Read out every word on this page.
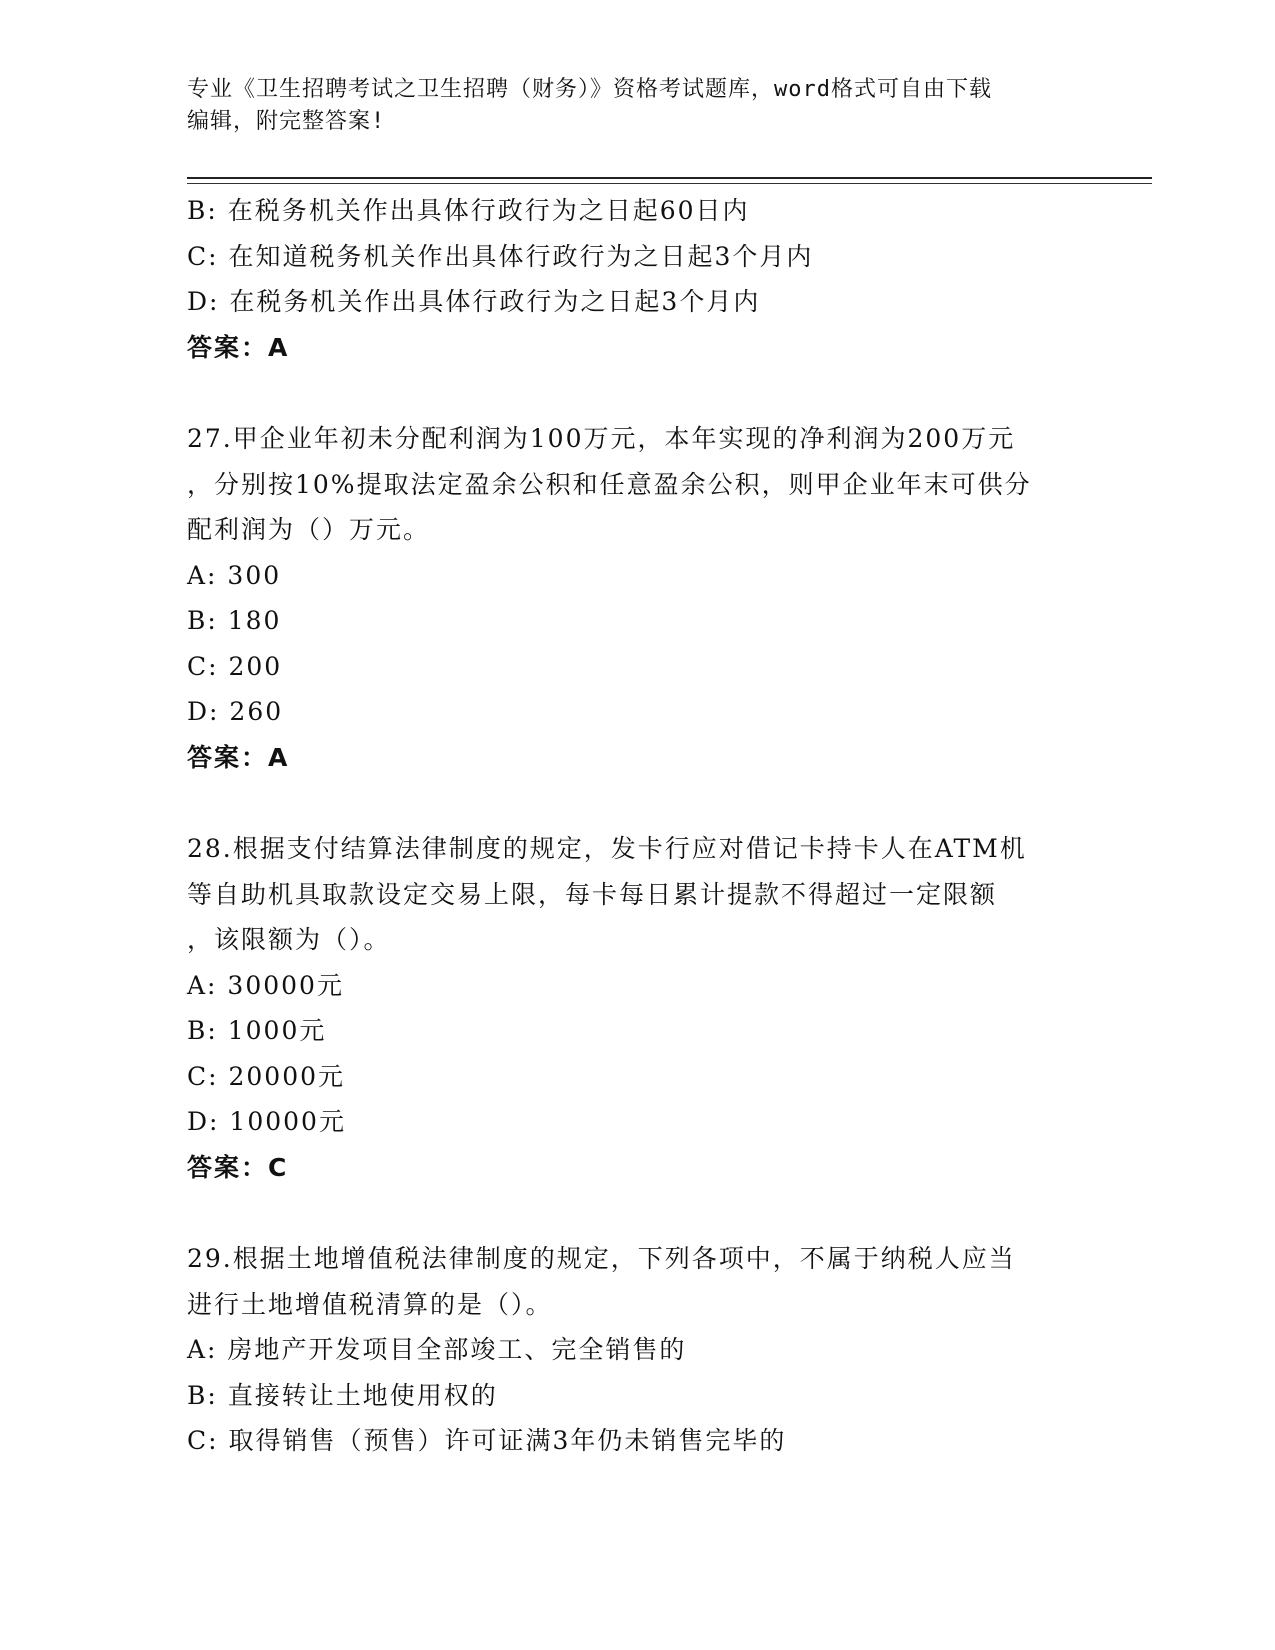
专业《卫生招聘考试之卫生招聘（财务）》资格考试题库，word格式可自由下载
编辑，附完整答案!
B: 在税务机关作出具体行政行为之日起60日内
C: 在知道税务机关作出具体行政行为之日起3个月内
D: 在税务机关作出具体行政行为之日起3个月内
答案：A
27.甲企业年初未分配利润为100万元，本年实现的净利润为200万元
，分别按10%提取法定盈余公积和任意盈余公积，则甲企业年末可供分
配利润为（）万元。
A: 300
B: 180
C: 200
D: 260
答案：A
28.根据支付结算法律制度的规定，发卡行应对借记卡持卡人在ATM机
等自助机具取款设定交易上限，每卡每日累计提款不得超过一定限额
，该限额为（）。
A: 30000元
B: 1000元
C: 20000元
D: 10000元
答案：C
29.根据土地增值税法律制度的规定，下列各项中，不属于纳税人应当
进行土地增值税清算的是（）。
A: 房地产开发项目全部竣工、完全销售的
B: 直接转让土地使用权的
C: 取得销售（预售）许可证满3年仍未销售完毕的
